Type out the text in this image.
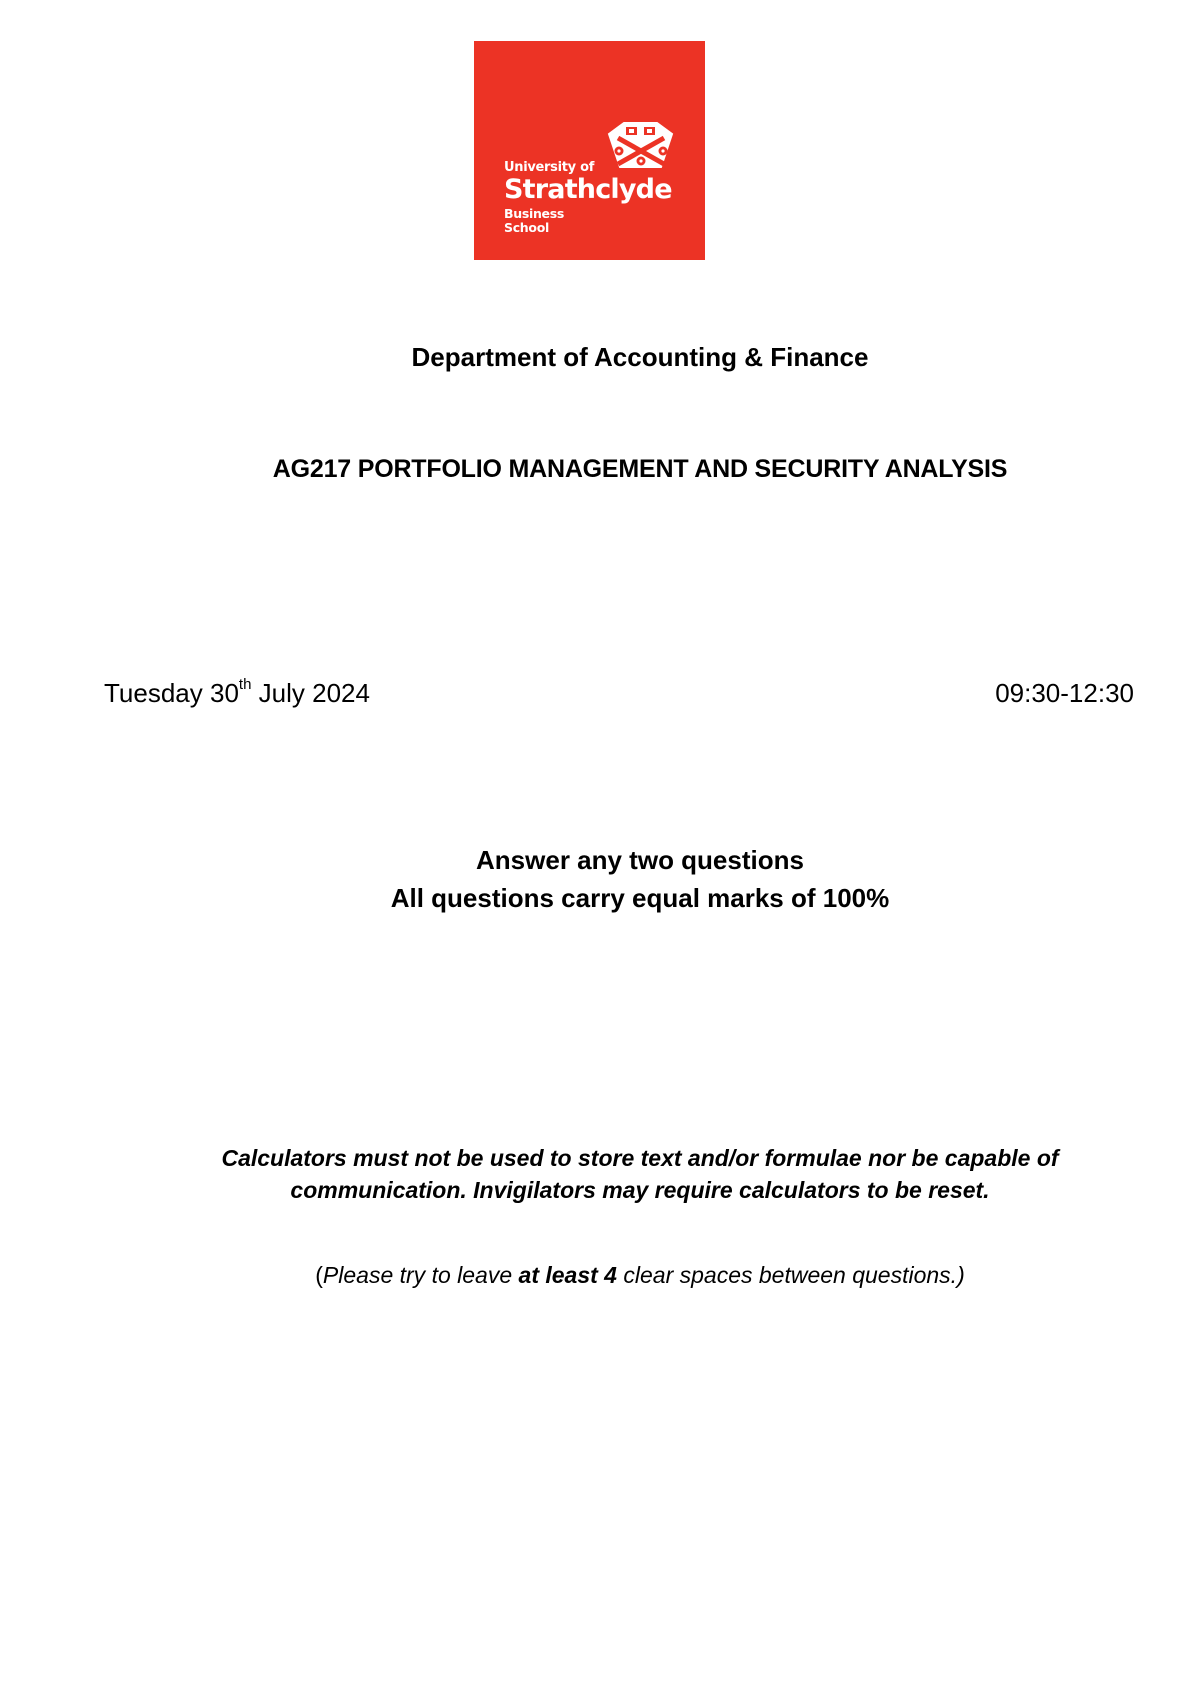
University of
Strathclyde
Business
School
Department of Accounting & Finance
AG217 PORTFOLIO MANAGEMENT AND SECURITY ANALYSIS
Tuesday 30th July 2024	09:30-12:30
Answer any two questions
All questions carry equal marks of 100%
Calculators must not be used to store text and/or formulae nor be capable of
communication. Invigilators may require calculators to be reset.
(Please try to leave at least 4 clear spaces between questions.)
